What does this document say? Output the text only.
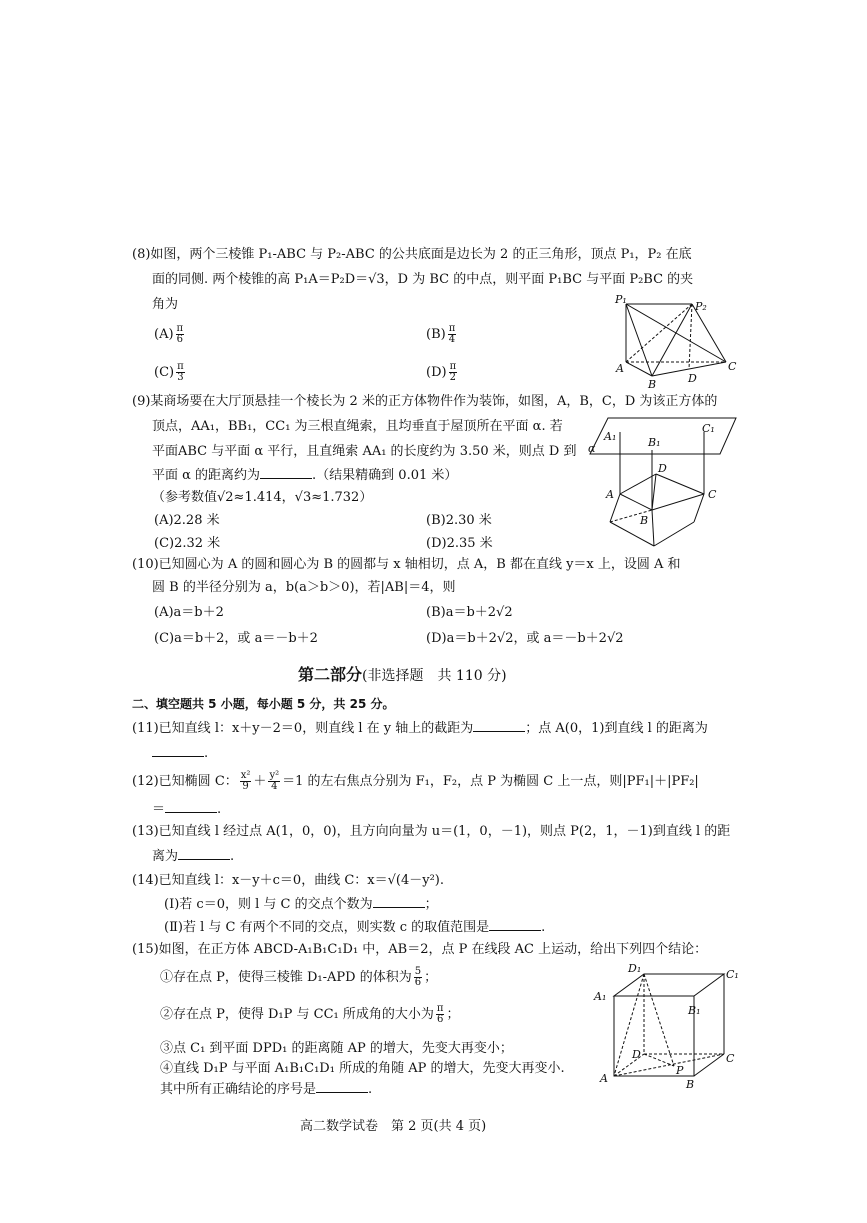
(8)如图，两个三棱锥 P₁-ABC 与 P₂-ABC 的公共底面是边长为 2 的正三角形，顶点 P₁，P₂ 在底
面的同侧. 两个棱锥的高 P₁A＝P₂D＝√3，D 为 BC 的中点，则平面 P₁BC 与平面 P₂BC 的夹
角为
$(A) \frac{\pi}{6}$	$(B) \frac{\pi}{4}$
$(C) \frac{\pi}{3}$	$(D) \frac{\pi}{2}$
P₁
P₂
A
B	D
C
(9)某商场要在大厅顶悬挂一个棱长为 2 米的正方体物件作为装饰，如图，A，B，C，D 为该正方体的
顶点，AA₁，BB₁，CC₁ 为三根直绳索，且均垂直于屋顶所在平面 α. 若
平面ABC 与平面 α 平行，且直绳索 AA₁ 的长度约为 3.50 米，则点 D 到
平面 α 的距离约为	.（结果精确到 0.01 米）
（参考数值√2≈1.414，√3≈1.732）
(A)2.28 米	(B)2.30 米
(C)2.32 米	(D)2.35 米
A₁	B₁
C₁
α
D
A	C
B
(10)已知圆心为 A 的圆和圆心为 B 的圆都与 x 轴相切，点 A，B 都在直线 y＝x 上，设圆 A 和
圆 B 的半径分别为 a，b(a＞b＞0)，若|AB|＝4，则
(A)a＝b＋2	(B)a＝b＋2√2
(C)a＝b＋2，或 a＝－b＋2	(D)a＝b＋2√2，或 a＝－b＋2√2
第二部分(非选择题　共 110 分)
二、填空题共 5 小题，每小题 5 分，共 25 分。
(11)已知直线 l：x＋y－2＝0，则直线 l 在 y 轴上的截距为	；点 A(0，1)到直线 l 的距离为
.
(12)已知椭圆 C： $\frac{\text{x²}}{9} + \frac{\text{y²}}{4} =1$ 的左右焦点分别为 F₁，F₂，点 P 为椭圆 C 上一点，则|PF₁|＋|PF₂|
＝	.
(13)已知直线 l 经过点 A(1，0，0)，且方向向量为 u＝(1，0，－1)，则点 P(2，1，－1)到直线 l 的距
离为	.
(14)已知直线 l：x－y＋c＝0，曲线 C：x＝√(4－y²).
(Ⅰ)若 c＝0，则 l 与 C 的交点个数为	；
(Ⅱ)若 l 与 C 有两个不同的交点，则实数 c 的取值范围是	.
(15)如图，在正方体 ABCD-A₁B₁C₁D₁ 中，AB＝2，点 P 在线段 AC 上运动，给出下列四个结论：
①存在点 P，使得三棱锥 D₁-APD 的体积为 $\frac{5}{6}$ ；
②存在点 P，使得 D₁P 与 CC₁ 所成角的大小为 $\frac{\pi}{6}$ ；
③点 C₁ 到平面 DPD₁ 的距离随 AP 的增大，先变大再变小；
④直线 D₁P 与平面 A₁B₁C₁D₁ 所成的角随 AP 的增大，先变大再变小.
其中所有正确结论的序号是	.
D₁	C₁
A₁
B₁
D	C
A
P
B
高二数学试卷　第 2 页(共 4 页)
